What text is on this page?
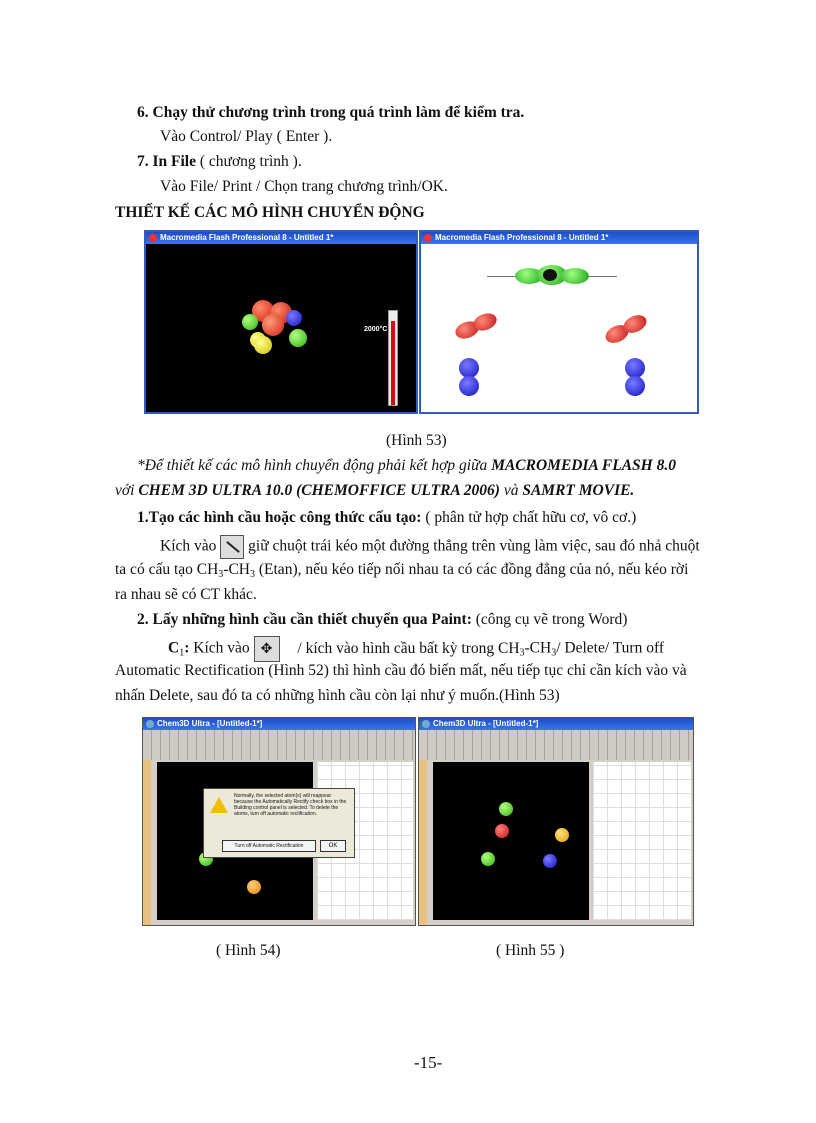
6. Chạy thử chương trình trong quá trình làm để kiểm tra.
Vào Control/ Play ( Enter ).
7. In File ( chương trình ).
Vào File/ Print / Chọn trang chương trình/OK.
THIẾT KẾ CÁC MÔ HÌNH CHUYỂN ĐỘNG
Macromedia Flash Professional 8 - Untitled 1*
2000°C
Macromedia Flash Professional 8 - Untitled 1*
(Hình 53)
*Để thiết kế các mô hình chuyển động phải kết hợp giữa MACROMEDIA FLASH 8.0
với CHEM 3D ULTRA 10.0 (CHEMOFFICE ULTRA 2006) và SAMRT MOVIE.
1.Tạo các hình cầu hoặc công thức cấu tạo: ( phân tử hợp chất hữu cơ, vô cơ.)
Kích vào
giữ chuột trái kéo một đường thẳng trên vùng làm việc, sau đó nhả chuột
ta có cấu tạo $CH_3-CH_3$ (Etan), nếu kéo tiếp nối nhau ta có các đồng đẳng của nó, nếu kéo rời
ra nhau sẽ có CT khác.
2. Lấy những hình cầu cần thiết chuyển qua Paint: (công cụ vẽ trong Word)
$C_1$: Kích vào ✥ / kích vào hình cầu bất kỳ trong $CH_3-CH_3/$ Delete/ Turn off
Automatic Rectification (Hình 52) thì hình cầu đó biến mất, nếu tiếp tục chỉ cần kích vào và
nhấn Delete, sau đó ta có những hình cầu còn lại như ý muốn.(Hình 53)
Chem3D Ultra - [Untitled-1*]
Normally, the selected atom(s) will reappear because the Automatically Rectify check box in the Building control panel is selected. To delete the atoms, turn off automatic rectification.
Turn off Automatic Rectification	OK
Chem3D Ultra - [Untitled-1*]
( Hình 54)	( Hình 55 )
-15-
